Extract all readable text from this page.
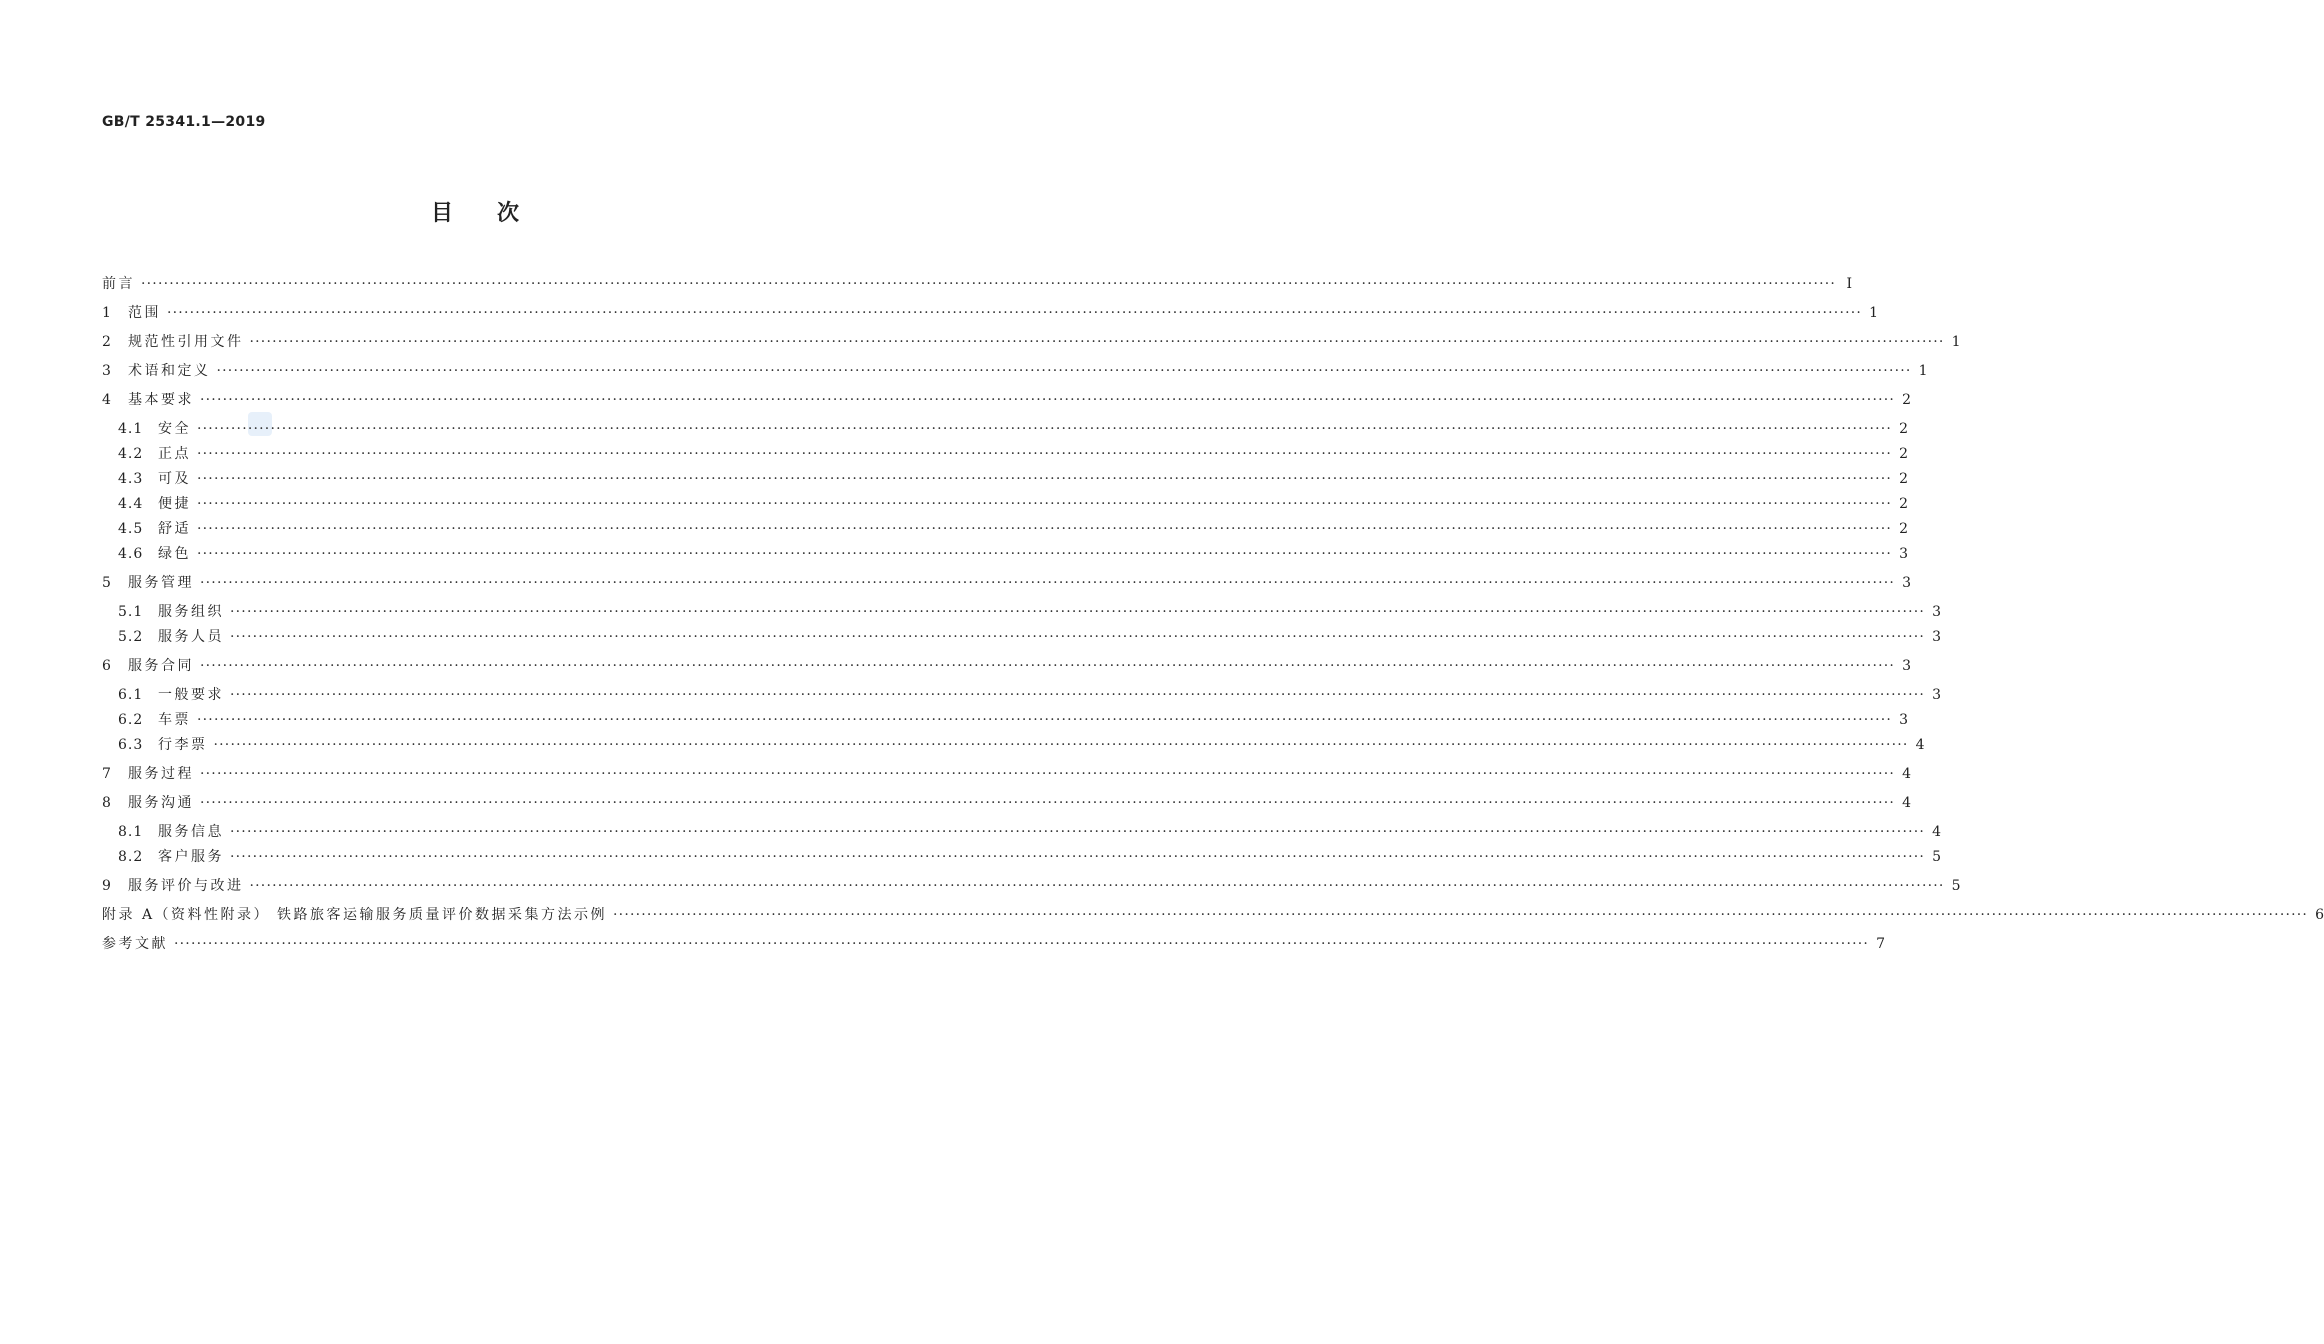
GB/T 25341.1—2019
目次
前言 ············································································································································································································································································································ Ⅰ
1	范围 ············································································································································································································································································································ 1
2	规范性引用文件 ············································································································································································································································································································ 1
3	术语和定义 ············································································································································································································································································································ 1
4	基本要求 ············································································································································································································································································································ 2
4.1	安全 ············································································································································································································································································································ 2
4.2	正点 ············································································································································································································································································································ 2
4.3	可及 ············································································································································································································································································································ 2
4.4	便捷 ············································································································································································································································································································ 2
4.5	舒适 ············································································································································································································································································································ 2
4.6	绿色 ············································································································································································································································································································ 3
5	服务管理 ············································································································································································································································································································ 3
5.1	服务组织 ············································································································································································································································································································ 3
5.2	服务人员 ············································································································································································································································································································ 3
6	服务合同 ············································································································································································································································································································ 3
6.1	一般要求 ············································································································································································································································································································ 3
6.2	车票 ············································································································································································································································································································ 3
6.3	行李票 ············································································································································································································································································································ 4
7	服务过程 ············································································································································································································································································································ 4
8	服务沟通 ············································································································································································································································································································ 4
8.1	服务信息 ············································································································································································································································································································ 4
8.2	客户服务 ············································································································································································································································································································ 5
9	服务评价与改进 ············································································································································································································································································································ 5
附录 A（资料性附录） 铁路旅客运输服务质量评价数据采集方法示例 ············································································································································································································································································································ 6
参考文献 ············································································································································································································································································································ 7
